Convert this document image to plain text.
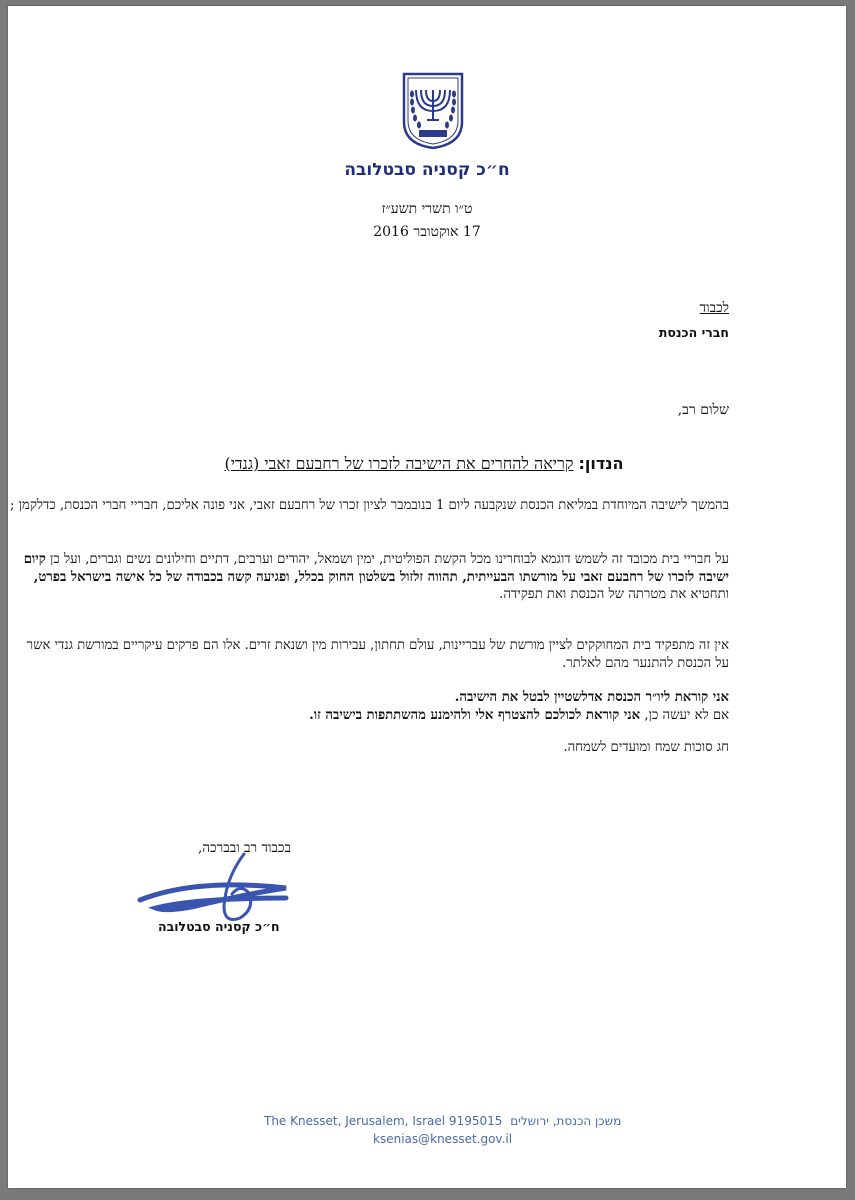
ח״כ קסניה סבטלובה
ט״ו תשרי תשע״ז
17 אוקטובר 2016
לכבוד
חברי הכנסת
שלום רב,
הנדון: קריאה להחרים את הישיבה לזכרו של רחבעם זאבי (גנדי)
בהמשך לישיבה המיוחדת במליאת הכנסת שנקבעה ליום 1 בנובמבר לציון זכרו של רחבעם זאבי, אני פונה אליכם, חבריי חברי הכנסת, כדלקמן ;
על חבריי בית מכובד זה לשמש דוגמא לבוחרינו מכל הקשת הפוליטית, ימין ושמאל, יהודים וערבים, דתיים וחילונים נשים וגברים, ועל כן קיום ישיבה לזכרו של רחבעם זאבי על מורשתו הבעייתית, תהווה זלזול בשלטון החוק בכלל, ופגיעה קשה בכבודה של כל אישה בישראל בפרט, ותחטיא את מטרתה של הכנסת ואת תפקידה.
אין זה מתפקיד בית המחוקקים לציין מורשת של עבריינות, עולם תחתון, עבירות מין ושנאת זרים. אלו הם פרקים עיקריים במורשת גנדי אשר על הכנסת להתנער מהם לאלתר.
אני קוראת ליו״ר הכנסת אדלשטיין לבטל את הישיבה.
אם לא יעשה כן, אני קוראת לכולכם להצטרף אלי ולהימנע מהשתתפות בישיבה זו.
חג סוכות שמח ומועדים לשמחה.
בכבוד רב ובברכה,
ח״כ קסניה סבטלובה
The Knesset, Jerusalem, Israel 9195015 משכן הכנסת, ירושלים
ksenias@knesset.gov.il
